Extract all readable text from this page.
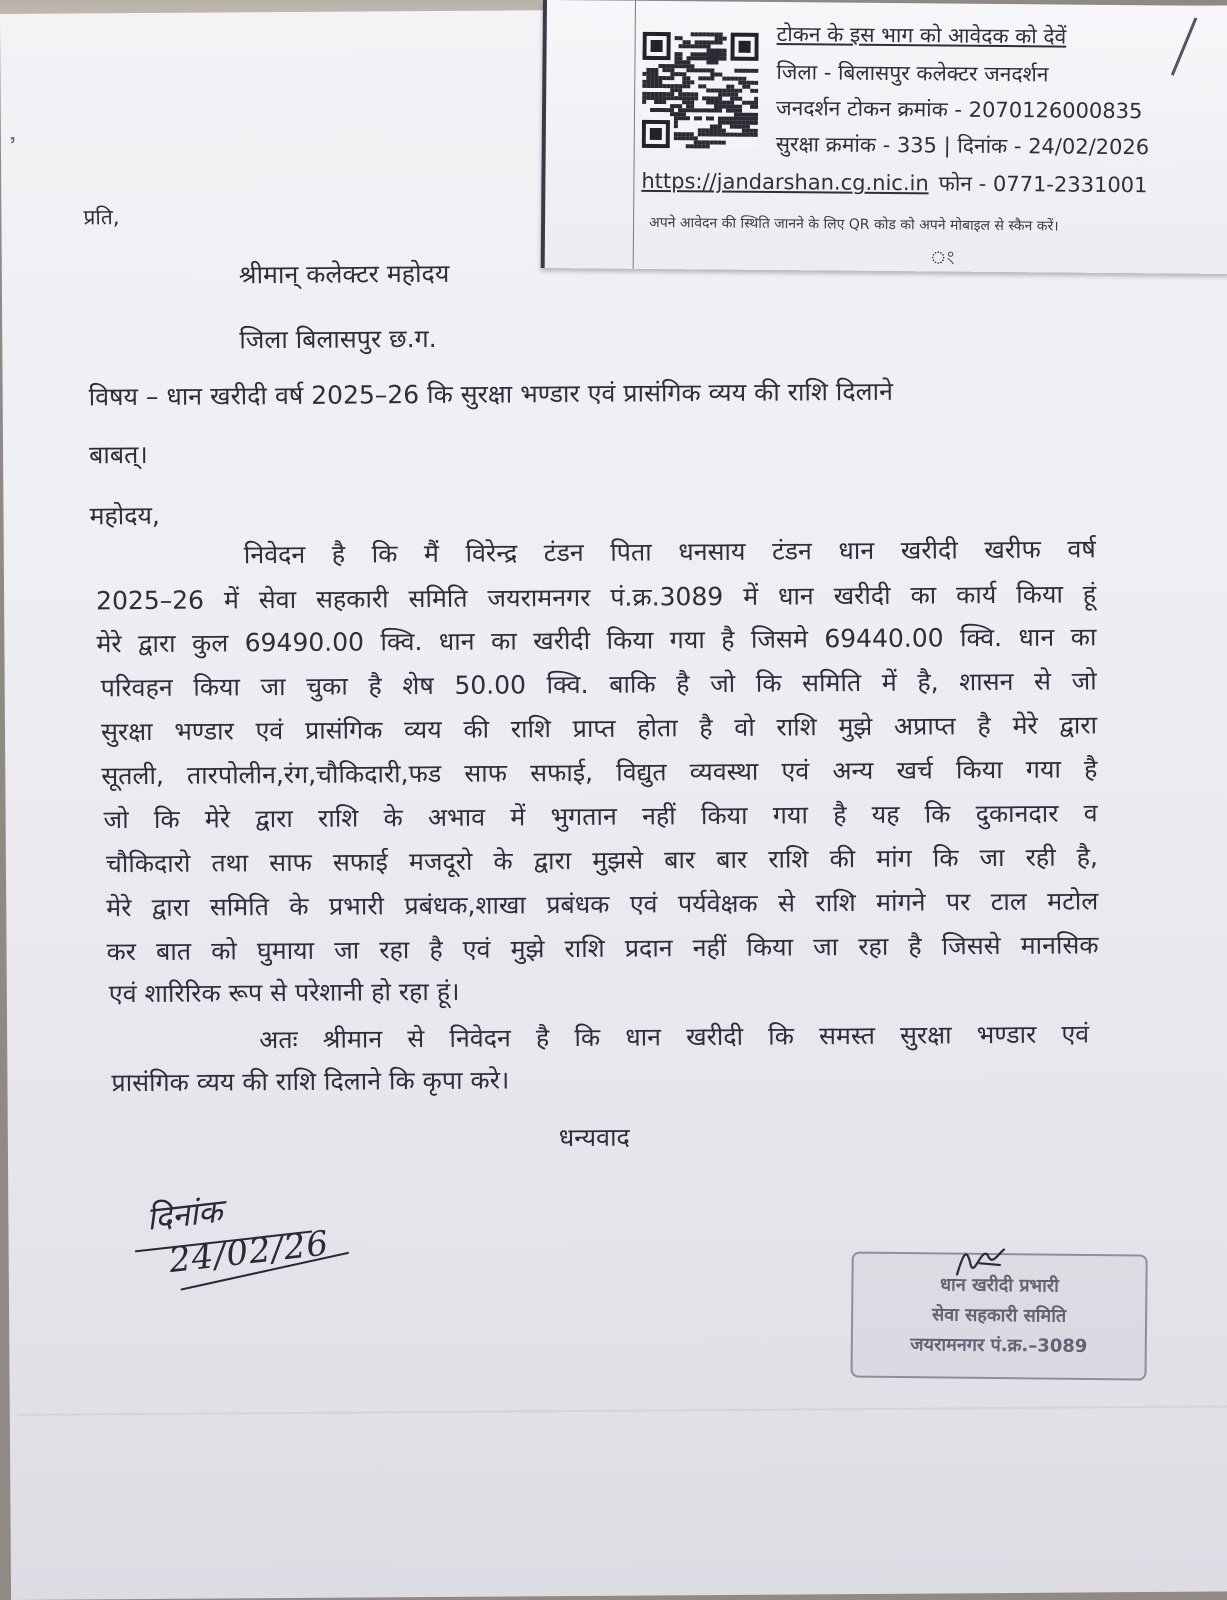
᾿
प्रति,
श्रीमान् कलेक्टर महोदय
जिला बिलासपुर छ.ग.
विषय – धान खरीदी वर्ष 2025–26 कि सुरक्षा भण्डार एवं प्रासंगिक व्यय की राशि दिलाने
बाबत्।
महोदय,
धन्यवाद
दिनांक
24/02/26
धान खरीदी प्रभारी
सेवा सहकारी समिति
जयरामनगर पं.क्र.–3089
निवेदन है कि मैं विरेन्द्र टंडन पिता धनसाय टंडन धान खरीदी खरीफ वर्ष
2025–26 में सेवा सहकारी समिति जयरामनगर पं.क्र.3089 में धान खरीदी का कार्य किया हूं
मेरे द्वारा कुल 69490.00 क्वि. धान का खरीदी किया गया है जिसमे 69440.00 क्वि. धान का
परिवहन किया जा चुका है शेष 50.00 क्वि. बाकि है जो कि समिति में है, शासन से जो
सुरक्षा भण्डार एवं प्रासंगिक व्यय की राशि प्राप्त होता है वो राशि मुझे अप्राप्त है मेरे द्वारा
सूतली, तारपोलीन,रंग,चौकिदारी,फड साफ सफाई, विद्युत व्यवस्था एवं अन्य खर्च किया गया है
जो कि मेरे द्वारा राशि के अभाव में भुगतान नहीं किया गया है यह कि दुकानदार व
चौकिदारो तथा साफ सफाई मजदूरो के द्वारा मुझसे बार बार राशि की मांग कि जा रही है,
मेरे द्वारा समिति के प्रभारी प्रबंधक,शाखा प्रबंधक एवं पर्यवेक्षक से राशि मांगने पर टाल मटोल
कर बात को घुमाया जा रहा है एवं मुझे राशि प्रदान नहीं किया जा रहा है जिससे मानसिक
एवं शारिरिक रूप से परेशानी हो रहा हूं।
अतः श्रीमान से निवेदन है कि धान खरीदी कि समस्त सुरक्षा भण्डार एवं
प्रासंगिक व्यय की राशि दिलाने कि कृपा करे।
टोकन के इस भाग को आवेदक को देवें
जिला - बिलासपुर कलेक्टर जनदर्शन
जनदर्शन टोकन क्रमांक - 2070126000835
सुरक्षा क्रमांक - 335 | दिनांक - 24/02/2026
https://jandarshan.cg.nic.in फोन - 0771-2331001
अपने आवेदन की स्थिति जानने के लिए QR कोड को अपने मोबाइल से स्कैन करें।
ং
